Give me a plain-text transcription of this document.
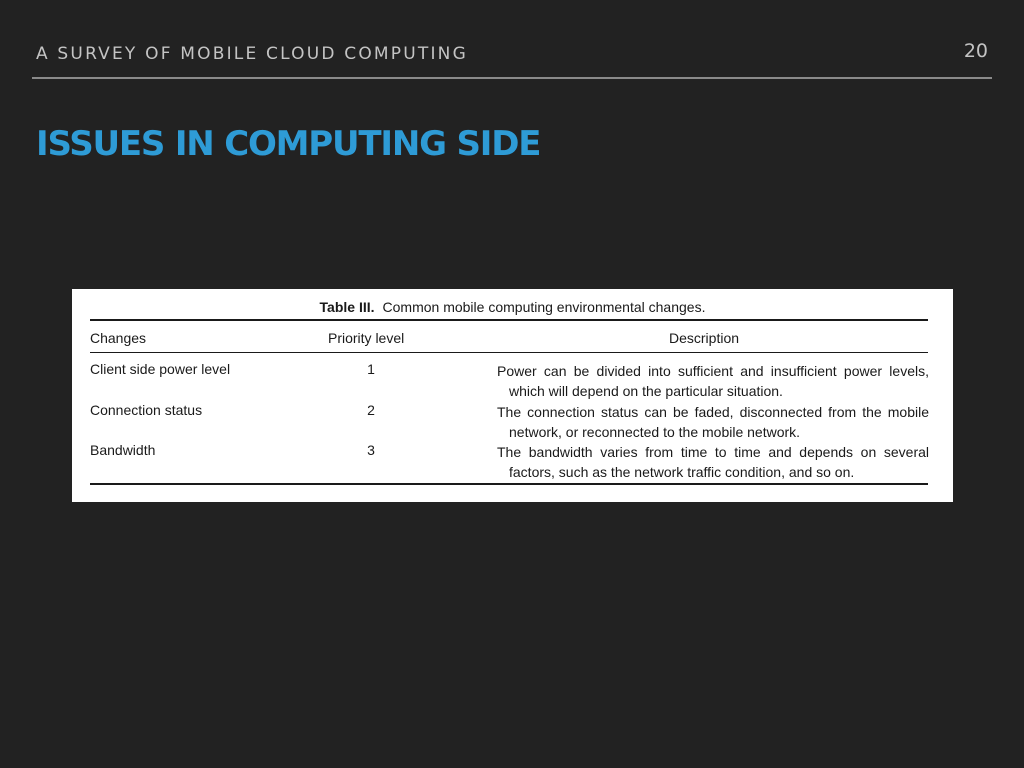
A SURVEY OF MOBILE CLOUD COMPUTING	20
ISSUES IN COMPUTING SIDE
Table III. Common mobile computing environmental changes.
Changes	Priority level	Description
Client side power level	1	Power can be divided into sufficient and insufficient power levels, which will depend on the particular situation.
Connection status	2	The connection status can be faded, disconnected from the mobile network, or reconnected to the mobile network.
Bandwidth	3	The bandwidth varies from time to time and depends on several factors, such as the network traffic condition, and so on.
